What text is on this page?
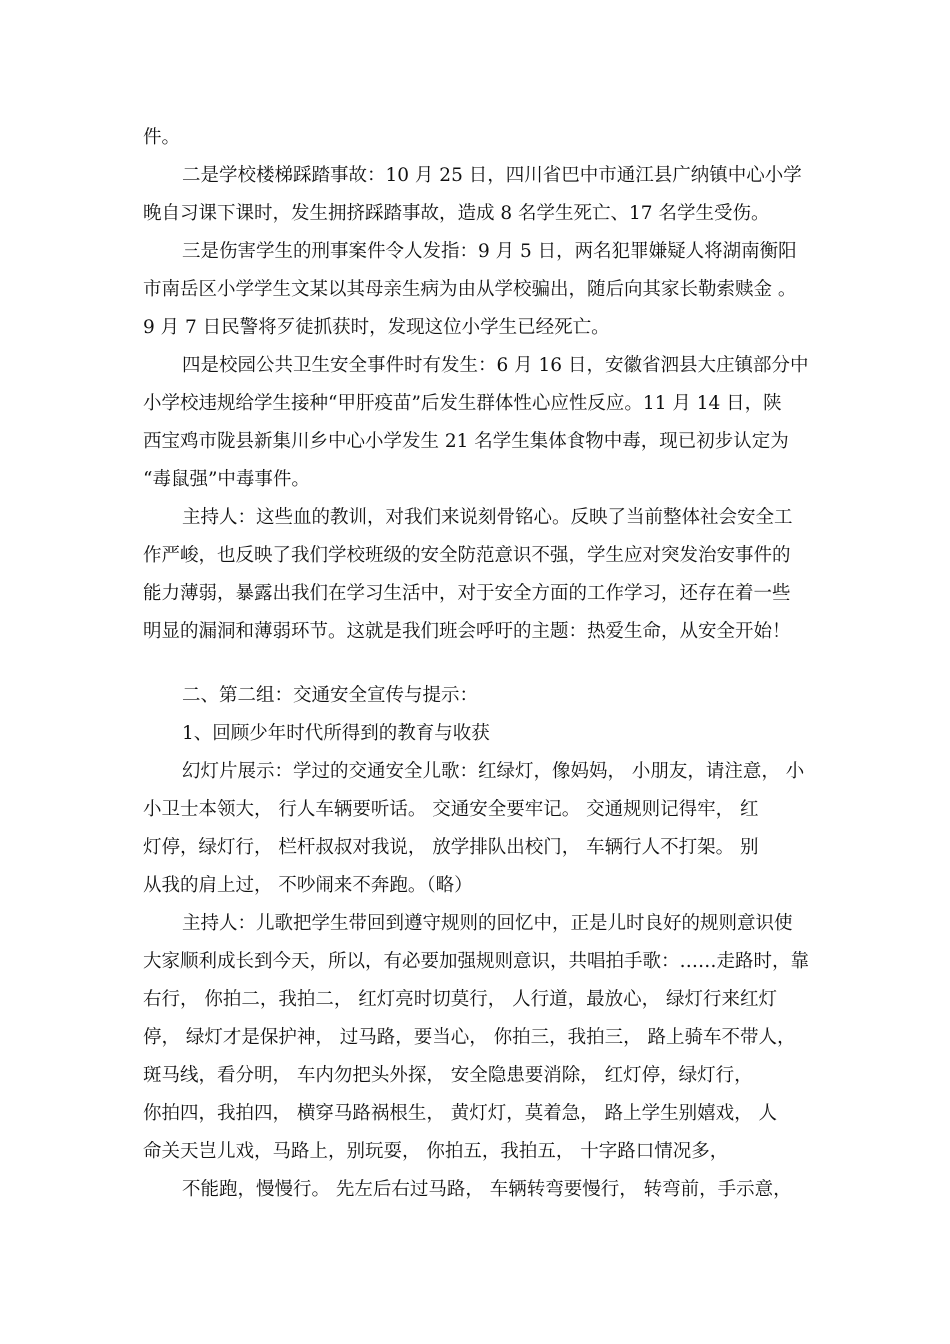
件。
二是学校楼梯踩踏事故：10 月 25 日，四川省巴中市通江县广纳镇中心小学
晚自习课下课时，发生拥挤踩踏事故，造成 8 名学生死亡、17 名学生受伤。
三是伤害学生的刑事案件令人发指：9 月 5 日，两名犯罪嫌疑人将湖南衡阳
市南岳区小学学生文某以其母亲生病为由从学校骗出，随后向其家长勒索赎金 。
9 月 7 日民警将歹徒抓获时，发现这位小学生已经死亡。
四是校园公共卫生安全事件时有发生：6 月 16 日，安徽省泗县大庄镇部分中
小学校违规给学生接种“甲肝疫苗”后发生群体性心应性反应。11 月 14 日，陕
西宝鸡市陇县新集川乡中心小学发生 21 名学生集体食物中毒，现已初步认定为
“毒鼠强”中毒事件。
主持人：这些血的教训，对我们来说刻骨铭心。反映了当前整体社会安全工
作严峻，也反映了我们学校班级的安全防范意识不强，学生应对突发治安事件的
能力薄弱，暴露出我们在学习生活中，对于安全方面的工作学习，还存在着一些
明显的漏洞和薄弱环节。这就是我们班会呼吁的主题：热爱生命，从安全开始！
二、第二组：交通安全宣传与提示：
1、回顾少年时代所得到的教育与收获
幻灯片展示：学过的交通安全儿歌：红绿灯，像妈妈， 小朋友，请注意， 小
小卫士本领大， 行人车辆要听话。 交通安全要牢记。 交通规则记得牢， 红
灯停，绿灯行， 栏杆叔叔对我说， 放学排队出校门， 车辆行人不打架。 别
从我的肩上过， 不吵闹来不奔跑。（略）
主持人：儿歌把学生带回到遵守规则的回忆中，正是儿时良好的规则意识使
大家顺利成长到今天，所以，有必要加强规则意识，共唱拍手歌：……走路时，靠
右行， 你拍二，我拍二， 红灯亮时切莫行， 人行道，最放心， 绿灯行来红灯
停， 绿灯才是保护神， 过马路，要当心， 你拍三，我拍三， 路上骑车不带人，
斑马线，看分明， 车内勿把头外探， 安全隐患要消除， 红灯停，绿灯行，
你拍四，我拍四， 横穿马路祸根生， 黄灯灯，莫着急， 路上学生别嬉戏， 人
命关天岂儿戏，马路上，别玩耍， 你拍五，我拍五， 十字路口情况多，
不能跑，慢慢行。 先左后右过马路， 车辆转弯要慢行， 转弯前，手示意，
